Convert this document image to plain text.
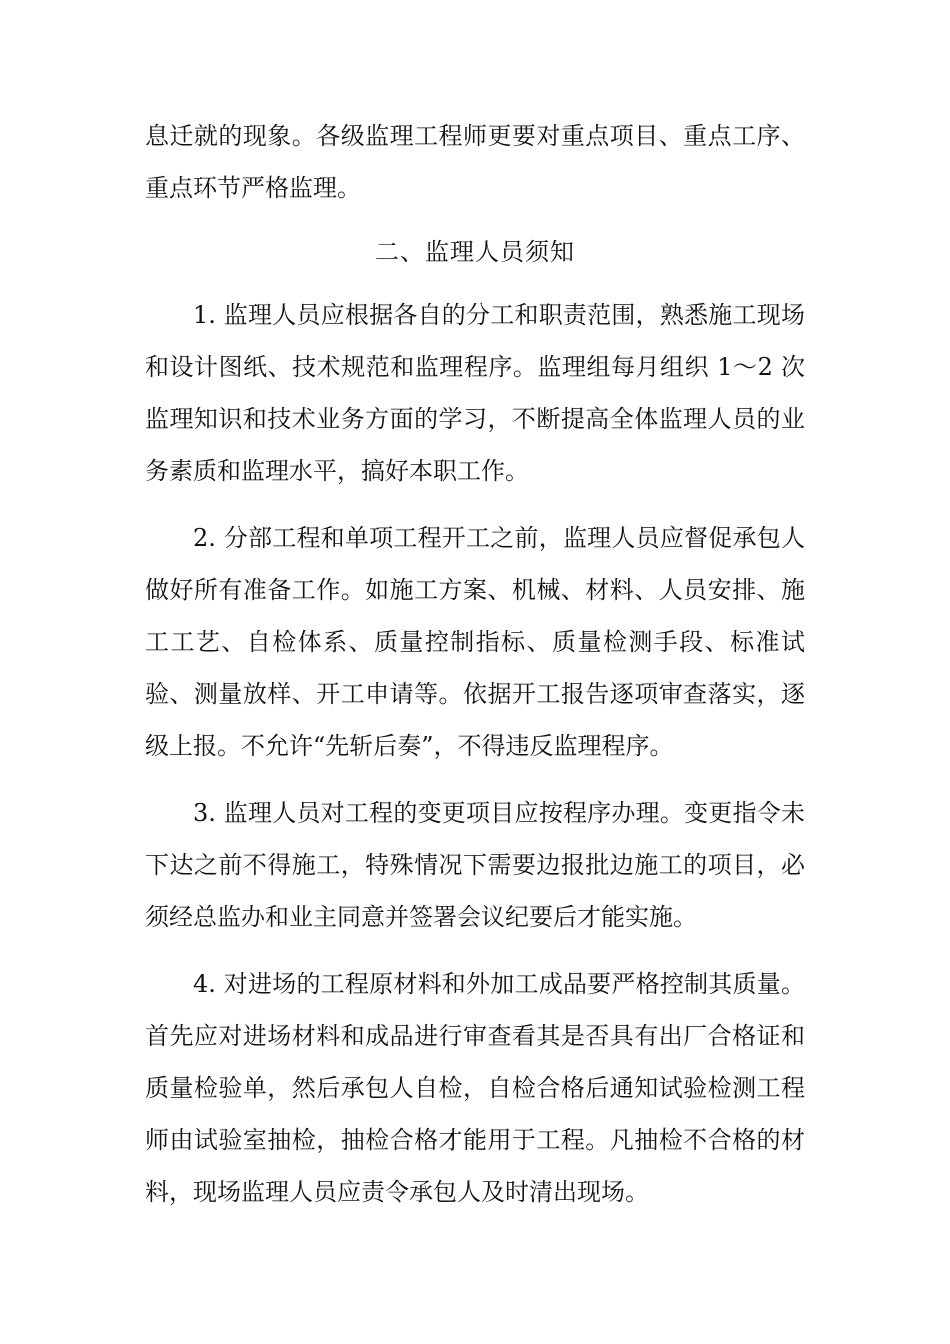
息迁就的现象。各级监理工程师更要对重点项目、重点工序、重点环节严格监理。

二、监理人员须知

1. 监理人员应根据各自的分工和职责范围，熟悉施工现场和设计图纸、技术规范和监理程序。监理组每月组织 1～2 次监理知识和技术业务方面的学习，不断提高全体监理人员的业务素质和监理水平，搞好本职工作。

2. 分部工程和单项工程开工之前，监理人员应督促承包人做好所有准备工作。如施工方案、机械、材料、人员安排、施工工艺、自检体系、质量控制指标、质量检测手段、标准试验、测量放样、开工申请等。依据开工报告逐项审查落实，逐级上报。不允许“先斩后奏”，不得违反监理程序。

3. 监理人员对工程的变更项目应按程序办理。变更指令未下达之前不得施工，特殊情况下需要边报批边施工的项目，必须经总监办和业主同意并签署会议纪要后才能实施。

4. 对进场的工程原材料和外加工成品要严格控制其质量。首先应对进场材料和成品进行审查看其是否具有出厂合格证和质量检验单，然后承包人自检，自检合格后通知试验检测工程师由试验室抽检，抽检合格才能用于工程。凡抽检不合格的材料，现场监理人员应责令承包人及时清出现场。
